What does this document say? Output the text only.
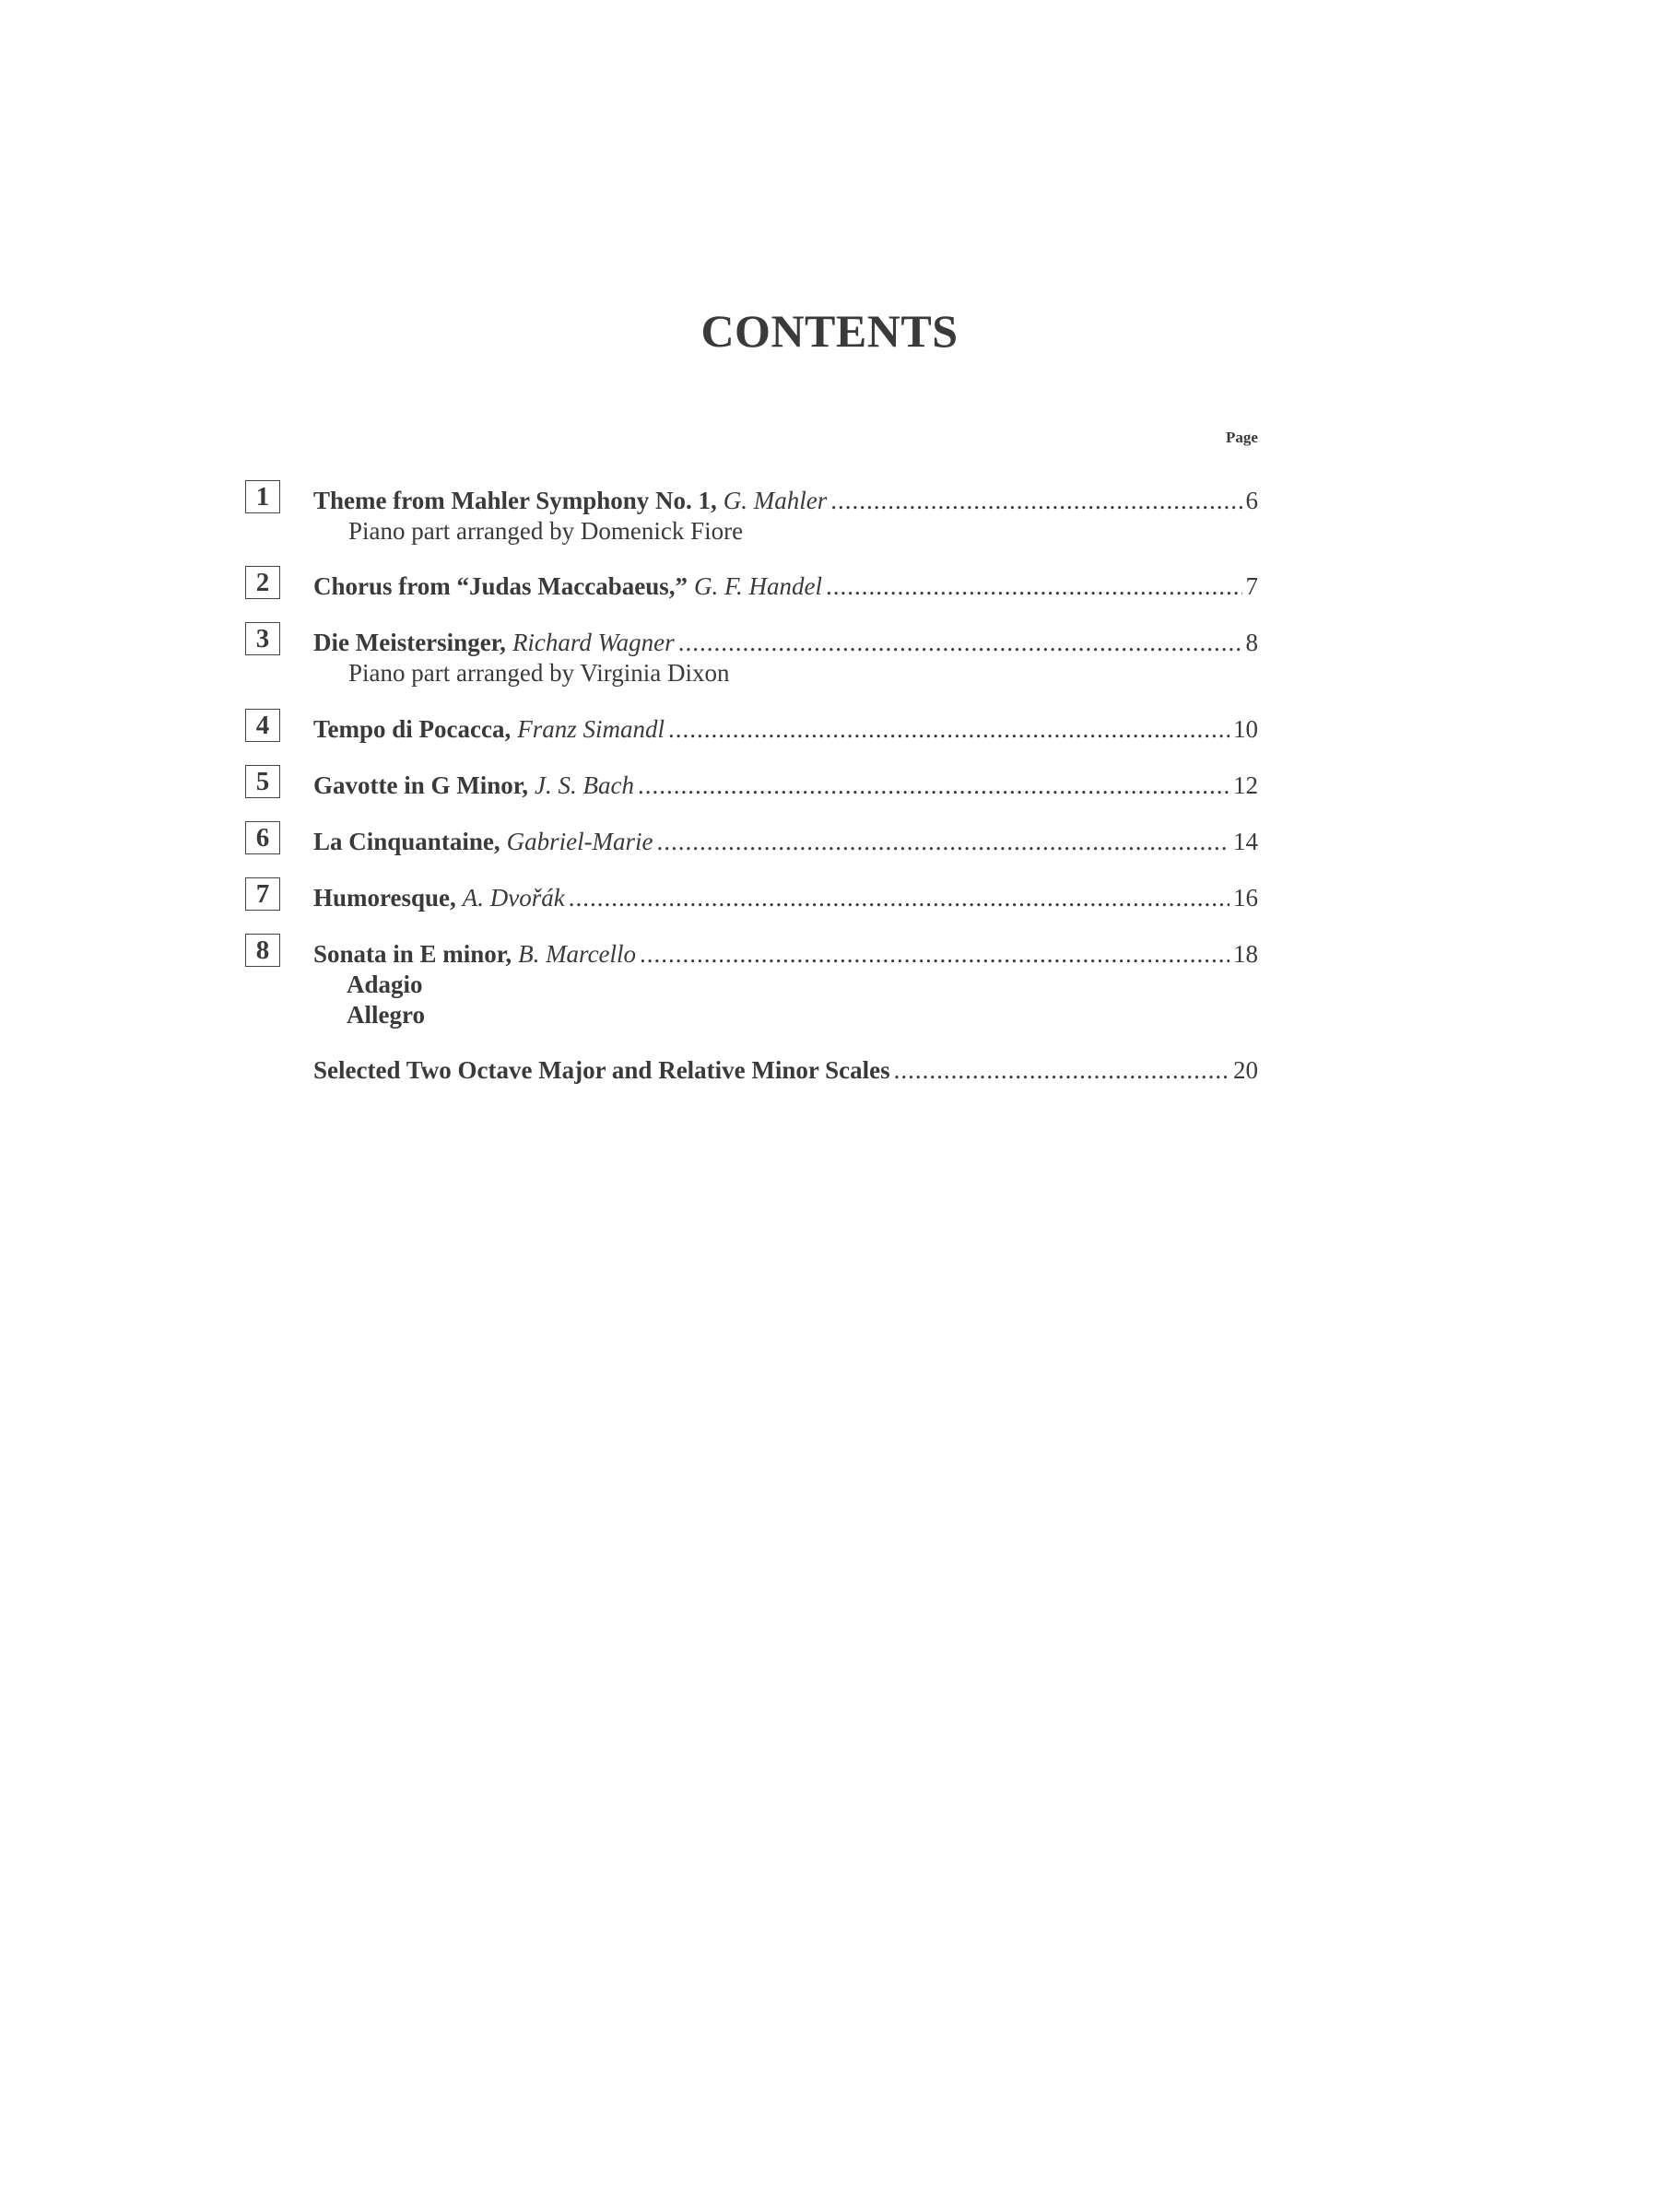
CONTENTS
Page
1	Theme from Mahler Symphony No. 1, G. Mahler .....	6
Piano part arranged by Domenick Fiore
2	Chorus from “Judas Maccabaeus,” G. F. Handel .....	7
3	Die Meistersinger, Richard Wagner .....	8
Piano part arranged by Virginia Dixon
4	Tempo di Pocacca, Franz Simandl .....	10
5	Gavotte in G Minor, J. S. Bach .....	12
6	La Cinquantaine, Gabriel-Marie .....	14
7	Humoresque, A. Dvořák .....	16
8	Sonata in E minor, B. Marcello .....	18
Adagio
Allegro
Selected Two Octave Major and Relative Minor Scales .....	20
